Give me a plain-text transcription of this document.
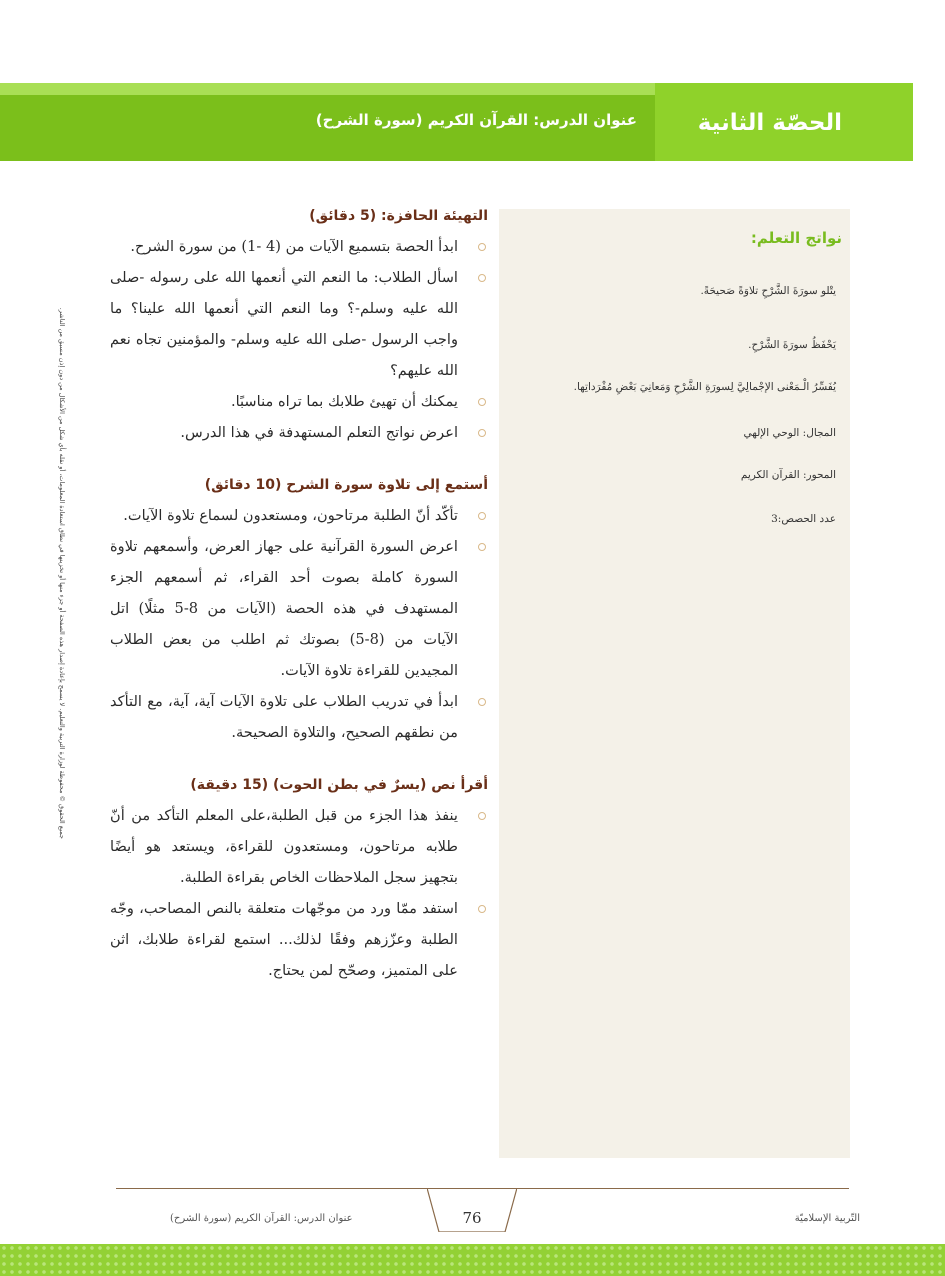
الحصّة الثانية
عنوان الدرس: القرآن الكريم (سورة الشرح)
جميع الحقوق © محفوظة لوزارة التربية والتعليم. لا يسمح بإعادة إصدار هذه الصفحة أو جزء منها أو تخزينها في نطاق استعادة المعلومات، أو نقله بأي شكل من الأشكال من دون إذن مسبق من الناشر.
نواتج التعلم:
يتْلو سورَةَ الشَّرْحِ تلاوَةً صَحيحَةً.
يَحْفَظُ سورَةَ الشَّرْحِ.
يُفَسِّرُ الْـمَعْنى الإجْمالِيَّ لِسورَةِ الشَّرْحِ وَمَعانِيَ بَعْضِ مُفْرَداتِها.
المجال: الوحي الإلهي
المحور: القرآن الكريم
عدد الحصص:3
التهيئة الحافزة: (5 دقائق)
ابدأ الحصة بتسميع الآيات من (4 -1) من سورة الشرح.
اسأل الطلاب: ما النعم التي أنعمها الله على رسوله -صلى الله عليه وسلم-؟ وما النعم التي أنعمها الله علينا؟ ما واجب الرسول -صلى الله عليه وسلم- والمؤمنين تجاه نعم الله عليهم؟
يمكنك أن تهيئ طلابك بما تراه مناسبًا.
اعرض نواتج التعلم المستهدفة في هذا الدرس.
أستمع إلى تلاوة سورة الشرح (10 دقائق)
تأكّد أنّ الطلبة مرتاحون، ومستعدون لسماع تلاوة الآيات.
اعرض السورة القرآنية على جهاز العرض، وأسمعهم تلاوة السورة كاملة بصوت أحد القراء، ثم أسمعهم الجزء المستهدف في هذه الحصة (الآيات من 8-5 مثلًا) اتل الآيات من (8-5) بصوتك ثم اطلب من بعض الطلاب المجيدين للقراءة تلاوة الآيات.
ابدأ في تدريب الطلاب على تلاوة الآيات آية، آية، مع التأكد من نطقهم الصحيح، والتلاوة الصحيحة.
أقرأ نص (يسرٌ في بطن الحوت) (15 دقيقة)
ينفذ هذا الجزء من قبل الطلبة،على المعلم التأكد من أنّ طلابه مرتاحون، ومستعدون للقراءة، ويستعد هو أيضًا بتجهيز سجل الملاحظات الخاص بقراءة الطلبة.
استفد ممّا ورد من موجّهات متعلقة بالنص المصاحب، وجّه الطلبة وعزّزهم وفقًا لذلك... استمع لقراءة طلابك، اثن على المتميز، وصحّح لمن يحتاج.
76
عنوان الدرس: القرآن الكريم (سورة الشرح)	التّربية الإسلاميّة
